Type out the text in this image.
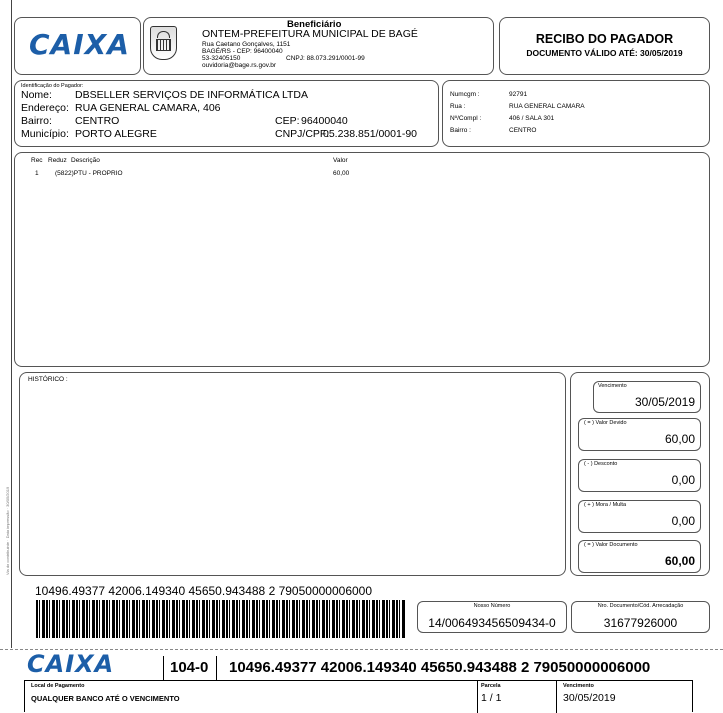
CAIXA
Beneficiário
ONTEM-PREFEITURA MUNICIPAL DE BAGÉ
Rua Caetano Gonçalves, 1151
BAGÉ/RS - CEP: 96400040
53-32405150	CNPJ: 88.073.291/0001-99
ouvidoria@bage.rs.gov.br
RECIBO DO PAGADOR
DOCUMENTO VÁLIDO ATÉ: 30/05/2019
Identificação do Pagador:
Nome: DBSELLER SERVIÇOS DE INFORMÁTICA LTDA
Endereço: RUA GENERAL CAMARA, 406
Bairro: CENTRO	CEP: 96400040
Município: PORTO ALEGRE	CNPJ/CPF:
05.238.851/0001-90
Numcgm :	92791
Rua :	RUA GENERAL CAMARA
Nº/Compl :	406 / SALA 301
Bairro :	CENTRO
Rec Reduz Descrição	Valor
1	(5822)PTU - PROPRIO	60,00
HISTÓRICO :
Via do contribuinte · Data impressão · 30/05/2019
Vencimento
30/05/2019
( = ) Valor Devido
60,00
( - ) Desconto
0,00
( + ) Mora / Multa
0,00
( = ) Valor Documento
60,00
10496.49377 42006.149340 45650.943488 2 79050000006000
Nosso Número
14/006493456509434-0
Nro. Documento/Cód. Arrecadação
31677926000
CAIXA	104-0 10496.49377 42006.149340 45650.943488 2 79050000006000
Local de Pagamento
QUALQUER BANCO ATÉ O VENCIMENTO
Parcela
1 / 1
Vencimento
30/05/2019
